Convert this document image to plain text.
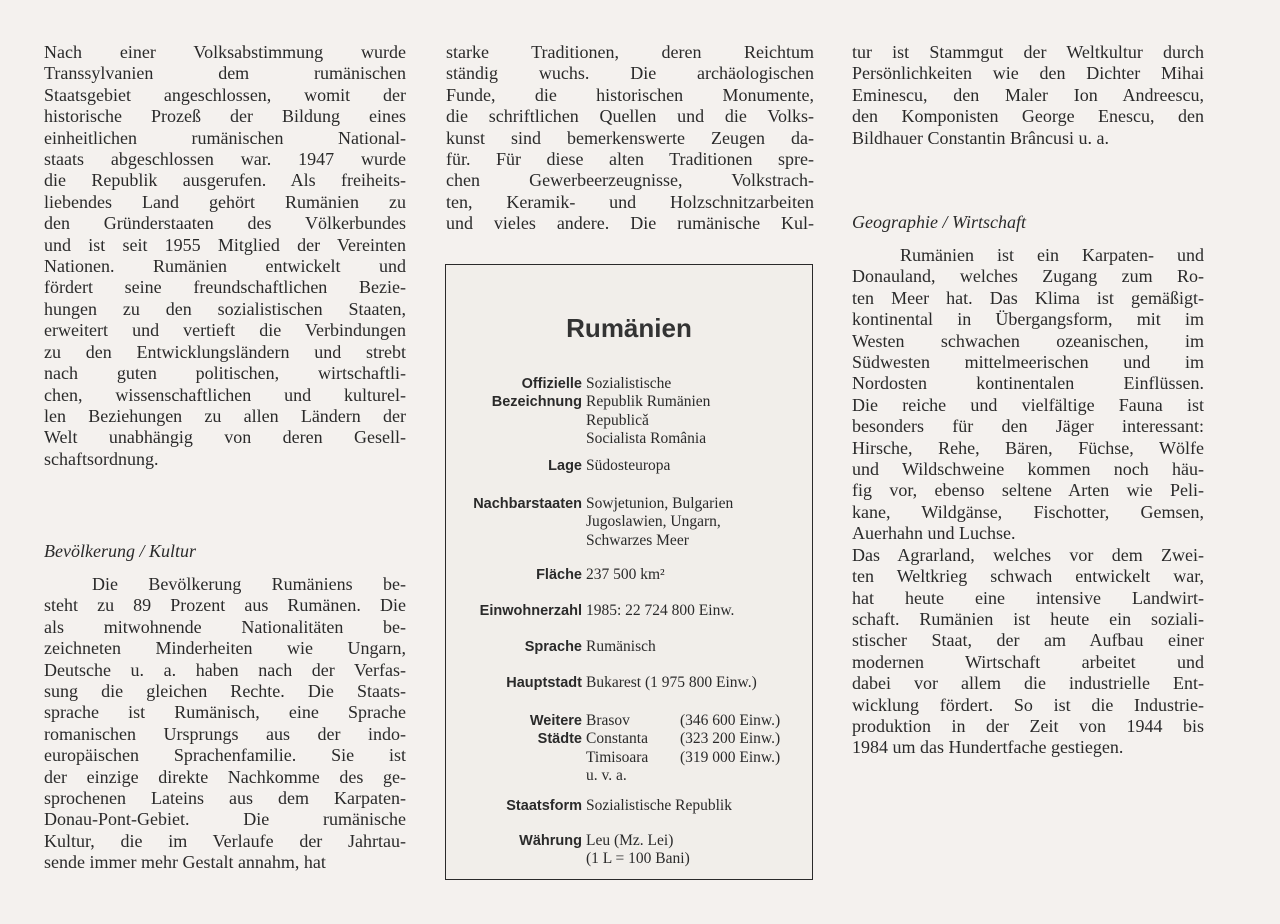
Nach einer Volksabstimmung wurde
Transsylvanien dem rumänischen
Staatsgebiet angeschlossen, womit der
historische Prozeß der Bildung eines
einheitlichen rumänischen National-
staats abgeschlossen war. 1947 wurde
die Republik ausgerufen. Als freiheits-
liebendes Land gehört Rumänien zu
den Gründerstaaten des Völkerbundes
und ist seit 1955 Mitglied der Vereinten
Nationen. Rumänien entwickelt und
fördert seine freundschaftlichen Bezie-
hungen zu den sozialistischen Staaten,
erweitert und vertieft die Verbindungen
zu den Entwicklungsländern und strebt
nach guten politischen, wirtschaftli-
chen, wissenschaftlichen und kulturel-
len Beziehungen zu allen Ländern der
Welt unabhängig von deren Gesell-
schaftsordnung.

Bevölkerung / Kultur

Die Bevölkerung Rumäniens be-
steht zu 89 Prozent aus Rumänen. Die
als mitwohnende Nationalitäten be-
zeichneten Minderheiten wie Ungarn,
Deutsche u. a. haben nach der Verfas-
sung die gleichen Rechte. Die Staats-
sprache ist Rumänisch, eine Sprache
romanischen Ursprungs aus der indo-
europäischen Sprachenfamilie. Sie ist
der einzige direkte Nachkomme des ge-
sprochenen Lateins aus dem Karpaten-
Donau-Pont-Gebiet. Die rumänische
Kultur, die im Verlaufe der Jahrtau-
sende immer mehr Gestalt annahm, hat

starke Traditionen, deren Reichtum
ständig wuchs. Die archäologischen
Funde, die historischen Monumente,
die schriftlichen Quellen und die Volks-
kunst sind bemerkenswerte Zeugen da-
für. Für diese alten Traditionen spre-
chen Gewerbeerzeugnisse, Volkstrach-
ten, Keramik- und Holzschnitzarbeiten
und vieles andere. Die rumänische Kul-

Rumänien
Offizielle
Bezeichnung
Sozialistische
Republik Rumänien
Republicǎ
Socialista România
Lage Südosteuropa
Nachbarstaaten Sowjetunion, Bulgarien
Jugoslawien, Ungarn,
Schwarzes Meer
Fläche 237 500 km²
Einwohnerzahl 1985: 22 724 800 Einw.
Sprache Rumänisch
Hauptstadt Bukarest (1 975 800 Einw.)
Weitere
Städte
Brasov	(346 600 Einw.)
Constanta (323 200 Einw.)
Timisoara (319 000 Einw.)
u. v. a.
Staatsform Sozialistische Republik
Währung Leu (Mz. Lei)
(1 L = 100 Bani)

tur ist Stammgut der Weltkultur durch
Persönlichkeiten wie den Dichter Mihai
Eminescu, den Maler Ion Andreescu,
den Komponisten George Enescu, den
Bildhauer Constantin Brâncusi u. a.

Geographie / Wirtschaft

Rumänien ist ein Karpaten- und
Donauland, welches Zugang zum Ro-
ten Meer hat. Das Klima ist gemäßigt-
kontinental in Übergangsform, mit im
Westen schwachen ozeanischen, im
Südwesten mittelmeerischen und im
Nordosten kontinentalen Einflüssen.
Die reiche und vielfältige Fauna ist
besonders für den Jäger interessant:
Hirsche, Rehe, Bären, Füchse, Wölfe
und Wildschweine kommen noch häu-
fig vor, ebenso seltene Arten wie Peli-
kane, Wildgänse, Fischotter, Gemsen,
Auerhahn und Luchse.

Das Agrarland, welches vor dem Zwei-
ten Weltkrieg schwach entwickelt war,
hat heute eine intensive Landwirt-
schaft. Rumänien ist heute ein soziali-
stischer Staat, der am Aufbau einer
modernen Wirtschaft arbeitet und
dabei vor allem die industrielle Ent-
wicklung fördert. So ist die Industrie-
produktion in der Zeit von 1944 bis
1984 um das Hundertfache gestiegen.
